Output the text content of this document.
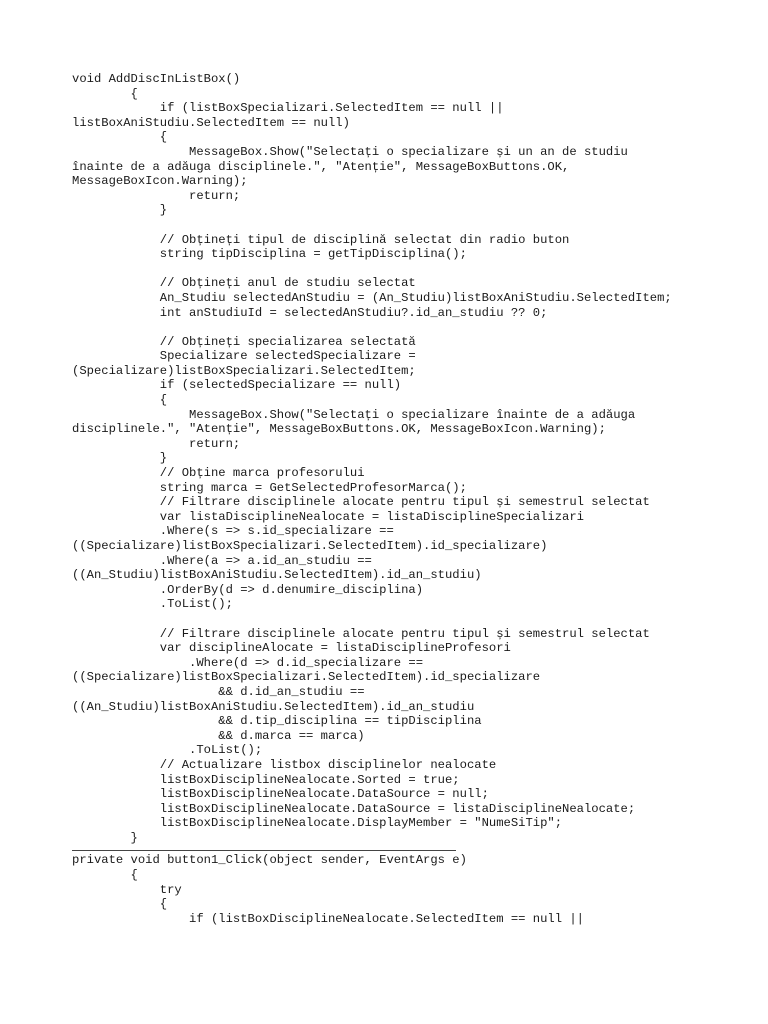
void AddDiscInListBox()
{
if (listBoxSpecializari.SelectedItem == null ||
listBoxAniStudiu.SelectedItem == null)
{
MessageBox.Show("Selectați o specializare și un an de studiu
înainte de a adăuga disciplinele.", "Atenție", MessageBoxButtons.OK,
MessageBoxIcon.Warning);
return;
}
// Obțineți tipul de disciplină selectat din radio buton
string tipDisciplina = getTipDisciplina();
// Obțineți anul de studiu selectat
An_Studiu selectedAnStudiu = (An_Studiu)listBoxAniStudiu.SelectedItem;
int anStudiuId = selectedAnStudiu?.id_an_studiu ?? 0;
// Obțineți specializarea selectată
Specializare selectedSpecializare =
(Specializare)listBoxSpecializari.SelectedItem;
if (selectedSpecializare == null)
{
MessageBox.Show("Selectați o specializare înainte de a adăuga
disciplinele.", "Atenție", MessageBoxButtons.OK, MessageBoxIcon.Warning);
return;
}
// Obține marca profesorului
string marca = GetSelectedProfesorMarca();
// Filtrare disciplinele alocate pentru tipul și semestrul selectat
var listaDisciplineNealocate = listaDisciplineSpecializari
.Where(s => s.id_specializare ==
((Specializare)listBoxSpecializari.SelectedItem).id_specializare)
.Where(a => a.id_an_studiu ==
((An_Studiu)listBoxAniStudiu.SelectedItem).id_an_studiu)
.OrderBy(d => d.denumire_disciplina)
.ToList();
// Filtrare disciplinele alocate pentru tipul și semestrul selectat
var disciplineAlocate = listaDisciplineProfesori
.Where(d => d.id_specializare ==
((Specializare)listBoxSpecializari.SelectedItem).id_specializare
&& d.id_an_studiu ==
((An_Studiu)listBoxAniStudiu.SelectedItem).id_an_studiu
&& d.tip_disciplina == tipDisciplina
&& d.marca == marca)
.ToList();
// Actualizare listbox disciplinelor nealocate
listBoxDisciplineNealocate.Sorted = true;
listBoxDisciplineNealocate.DataSource = null;
listBoxDisciplineNealocate.DataSource = listaDisciplineNealocate;
listBoxDisciplineNealocate.DisplayMember = "NumeSiTip";
}
private void button1_Click(object sender, EventArgs e)
{
try
{
if (listBoxDisciplineNealocate.SelectedItem == null ||
